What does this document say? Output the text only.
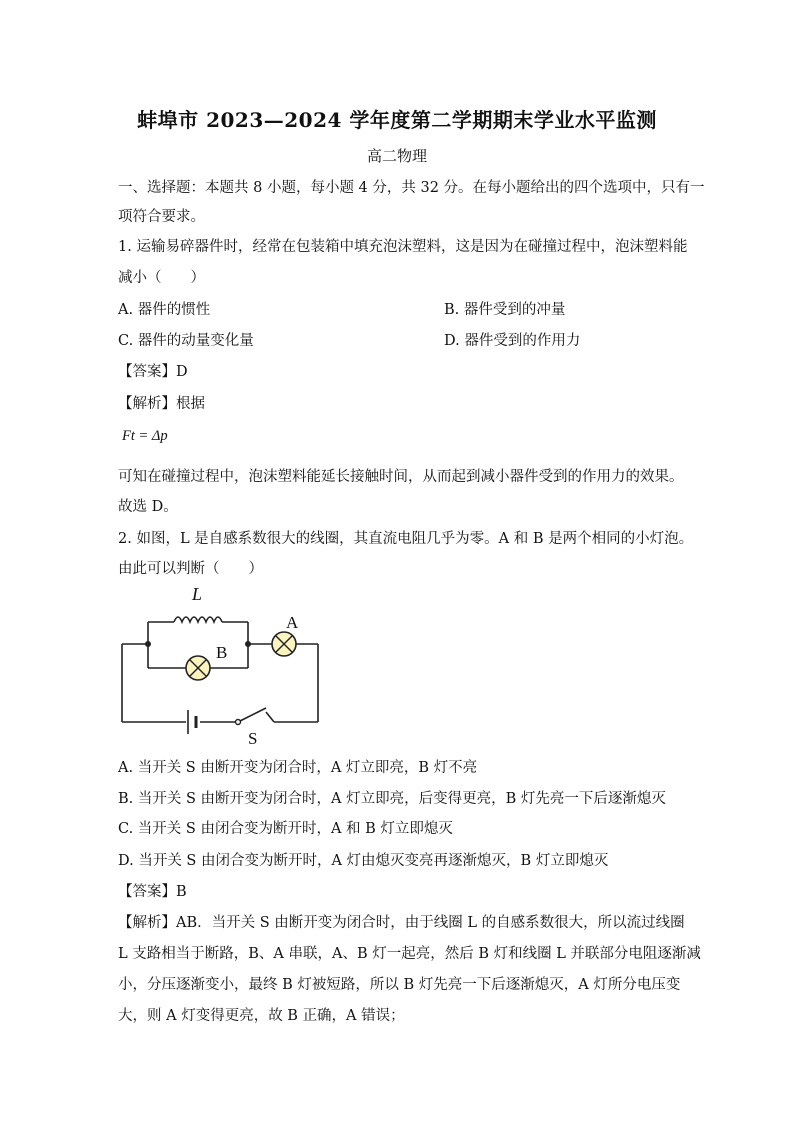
蚌埠市 2023—2024 学年度第二学期期末学业水平监测
高二物理
一、选择题：本题共 8 小题，每小题 4 分，共 32 分。在每小题给出的四个选项中，只有一
项符合要求。
1. 运输易碎器件时，经常在包装箱中填充泡沫塑料，这是因为在碰撞过程中，泡沫塑料能
减小（　　）
A. 器件的惯性	B. 器件受到的冲量
C. 器件的动量变化量	D. 器件受到的作用力
【答案】D
【解析】根据
Ft = Δp
可知在碰撞过程中，泡沫塑料能延长接触时间，从而起到减小器件受到的作用力的效果。
故选 D。
2. 如图，L 是自感系数很大的线圈，其直流电阻几乎为零。A 和 B 是两个相同的小灯泡。
由此可以判断（　　）
L
A
B
S
A. 当开关 S 由断开变为闭合时，A 灯立即亮，B 灯不亮
B. 当开关 S 由断开变为闭合时，A 灯立即亮，后变得更亮，B 灯先亮一下后逐渐熄灭
C. 当开关 S 由闭合变为断开时，A 和 B 灯立即熄灭
D. 当开关 S 由闭合变为断开时，A 灯由熄灭变亮再逐渐熄灭，B 灯立即熄灭
【答案】B
【解析】AB．当开关 S 由断开变为闭合时，由于线圈 L 的自感系数很大，所以流过线圈
L 支路相当于断路，B、A 串联，A、B 灯一起亮，然后 B 灯和线圈 L 并联部分电阻逐渐减
小，分压逐渐变小，最终 B 灯被短路，所以 B 灯先亮一下后逐渐熄灭，A 灯所分电压变
大，则 A 灯变得更亮，故 B 正确，A 错误；
